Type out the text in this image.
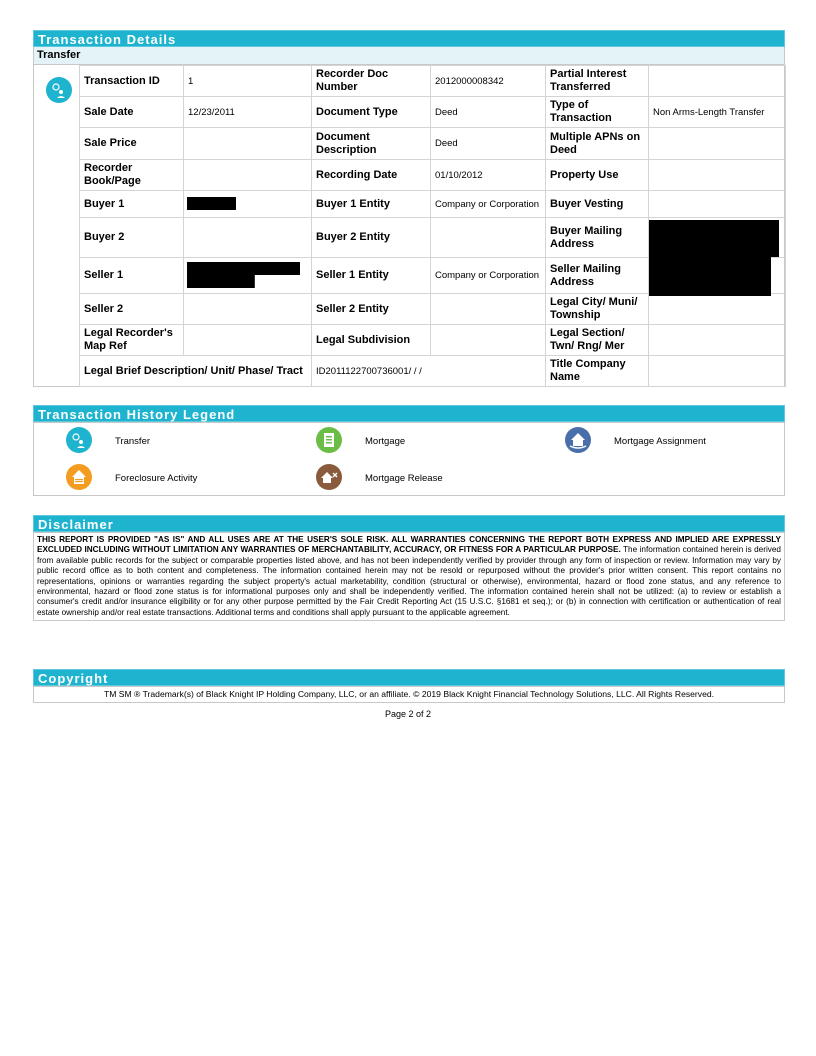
Transaction Details
Transfer
Transaction ID	1	Recorder Doc Number	2012000008342	Partial Interest Transferred	
Sale Date	12/23/2011	Document Type	Deed	Type of Transaction	Non Arms-Length Transfer
Sale Price		Document Description	Deed	Multiple APNs on Deed	
Recorder Book/Page		Recording Date	01/10/2012	Property Use	
Buyer 1		Buyer 1 Entity	Company or Corporation	Buyer Vesting	
Buyer 2		Buyer 2 Entity		Buyer Mailing Address	

Seller 1		Seller 1 Entity	Company or Corporation	Seller Mailing Address	

Seller 2		Seller 2 Entity		Legal City/ Muni/ Township	
Legal Recorder's Map Ref		Legal Subdivision		Legal Section/ Twn/ Rng/ Mer	
Legal Brief Description/ Unit/ Phase/ Tract		ID2011122700736001/ / /		Title Company Name	
Transaction History Legend
Transfer	Mortgage	Mortgage Assignment
Foreclosure Activity	Mortgage Release
Disclaimer
THIS REPORT IS PROVIDED "AS IS" AND ALL USES ARE AT THE USER'S SOLE RISK. ALL WARRANTIES CONCERNING THE REPORT BOTH EXPRESS AND IMPLIED ARE EXPRESSLY EXCLUDED INCLUDING WITHOUT LIMITATION ANY WARRANTIES OF MERCHANTABILITY, ACCURACY, OR FITNESS FOR A PARTICULAR PURPOSE. The information contained herein is derived from available public records for the subject or comparable properties listed above, and has not been independently verified by provider through any form of inspection or review. Information may vary by public record office as to both content and completeness. The information contained herein may not be resold or repurposed without the provider's prior written consent. This report contains no representations, opinions or warranties regarding the subject property's actual marketability, condition (structural or otherwise), environmental, hazard or flood zone status, and any reference to environmental, hazard or flood zone status is for informational purposes only and shall be independently verified. The information contained herein shall not be utilized: (a) to review or establish a consumer's credit and/or insurance eligibility or for any other purpose permitted by the Fair Credit Reporting Act (15 U.S.C. §1681 et seq.); or (b) in connection with certification or authentication of real estate ownership and/or real estate transactions. Additional terms and conditions shall apply pursuant to the applicable agreement.
Copyright
TM SM ® Trademark(s) of Black Knight IP Holding Company, LLC, or an affiliate. © 2019 Black Knight Financial Technology Solutions, LLC. All Rights Reserved.
Page 2 of 2
